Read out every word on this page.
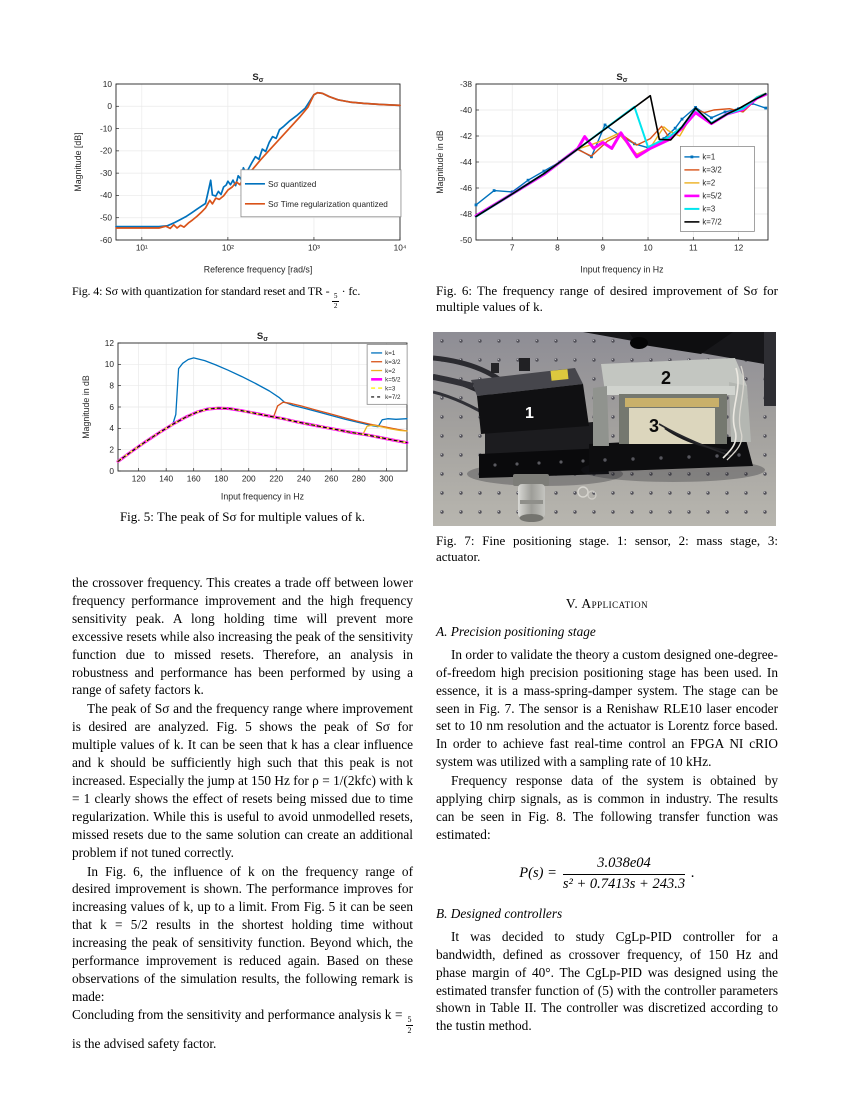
10¹	10²	10³	10⁴
10
0
-10
-20
-30
-40
-50
-60
$S_\sigma$
Reference frequency [rad/s]
Magnitude [dB]	Sσ quantized
Sσ Time regularization quantized
Fig. 4: Sσ with quantization for standard reset and TR -
$\frac{5}{2}$
· fc.
7	8	9	10	11	12
-38
-40
-42
-44
-46
-48
-50
$S_\sigma$
Input frequency in Hz
Magnitude in dB	k=1
k=3/2
k=2
k=5/2
k=3
k=7/2
Fig. 6: The frequency range of desired improvement of Sσ for multiple values of k.
120 140 160 180 200 220 240 260 280 300
0
2
4
6
8
10
12
$S_\sigma$
Input frequency in Hz
Magnitude in dB
k=1
k=3/2
k=2
k=5/2
k=3
k=7/2
Fig. 5: The peak of Sσ for multiple values of k.
1
2
3
Fig. 7: Fine positioning stage. 1: sensor, 2: mass stage, 3: actuator.

the crossover frequency. This creates a trade off between lower frequency performance improvement and the high frequency sensitivity peak. A long holding time will prevent more excessive resets while also increasing the peak of the sensitivity function due to missed resets. Therefore, an analysis in robustness and performance has been performed by using a range of safety factors k.

The peak of Sσ and the frequency range where improvement is desired are analyzed. Fig. 5 shows the peak of Sσ for multiple values of k. It can be seen that k has a clear influence and k should be sufficiently high such that this peak is not increased. Especially the jump at 150 Hz for ρ = 1/(2kfc) with k = 1 clearly shows the effect of resets being missed due to time regularization. While this is useful to avoid unmodelled resets, missed resets due to the same solution can create an additional problem if not tuned correctly.

In Fig. 6, the influence of k on the frequency range of desired improvement is shown. The performance improves for increasing values of k, up to a limit. From Fig. 5 it can be seen that k = 5/2 results in the shortest holding time without increasing the peak of sensitivity function. Beyond which, the performance improvement is reduced again. Based on these observations of the simulation results, the following remark is made:

Concluding from the sensitivity and performance analysis k =
$\frac{5}{2}$
is the advised safety factor.

V. Application
A. Precision positioning stage

In order to validate the theory a custom designed one-degree-of-freedom high precision positioning stage has been used. In essence, it is a mass-spring-damper system. The stage can be seen in Fig. 7. The sensor is a Renishaw RLE10 laser encoder set to 10 nm resolution and the actuator is Lorentz force based. In order to achieve fast real-time control an FPGA NI cRIO system was utilized with a sampling rate of 10 kHz.

Frequency response data of the system is obtained by applying chirp signals, as is common in industry. The results can be seen in Fig. 8. The following transfer function was estimated:

$P(s) = \frac{3.038e04}{\text{s² + 0.7413s + 243.3}}$ .
B. Designed controllers

It was decided to study CgLp-PID controller for a bandwidth, defined as crossover frequency, of 150 Hz and phase margin of 40°. The CgLp-PID was designed using the estimated transfer function of (5) with the controller parameters shown in Table II. The controller was discretized according to the tustin method.
